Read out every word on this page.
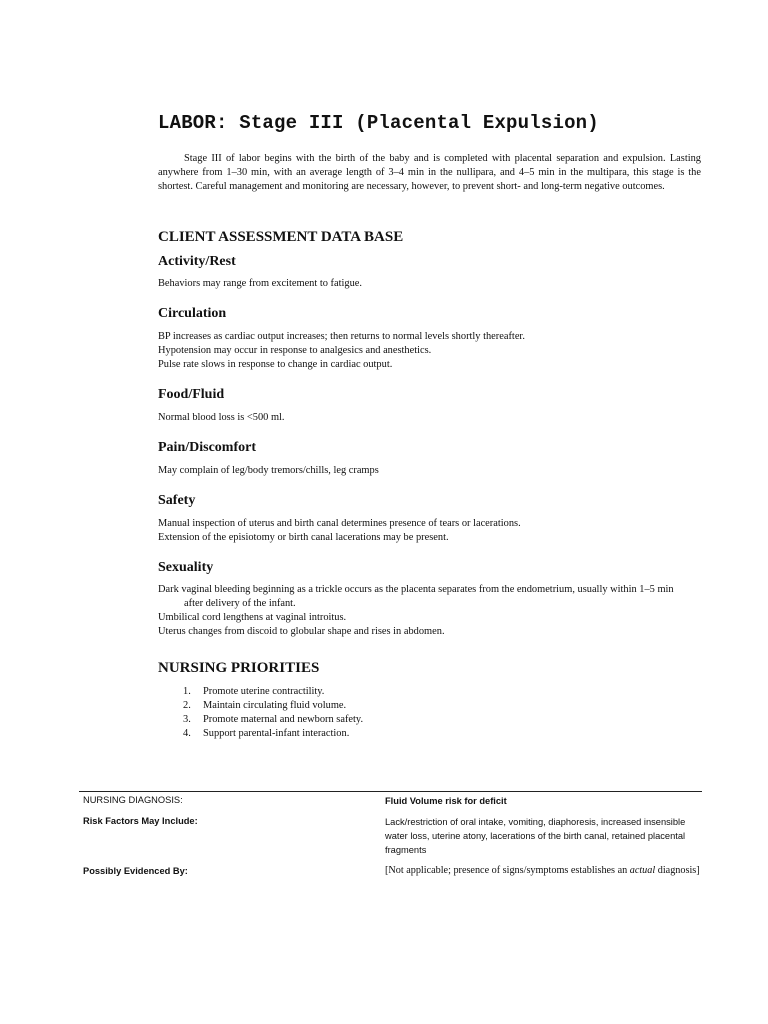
LABOR: Stage III (Placental Expulsion)

Stage III of labor begins with the birth of the baby and is completed with placental separation and expulsion. Lasting anywhere from 1–30 min, with an average length of 3–4 min in the nullipara, and 4–5 min in the multipara, this stage is the shortest. Careful management and monitoring are necessary, however, to prevent short- and long-term negative outcomes.

CLIENT ASSESSMENT DATA BASE
Activity/Rest
Behaviors may range from excitement to fatigue.
Circulation
BP increases as cardiac output increases; then returns to normal levels shortly thereafter.
Hypotension may occur in response to analgesics and anesthetics.
Pulse rate slows in response to change in cardiac output.
Food/Fluid
Normal blood loss is <500 ml.
Pain/Discomfort
May complain of leg/body tremors/chills, leg cramps
Safety
Manual inspection of uterus and birth canal determines presence of tears or lacerations.
Extension of the episiotomy or birth canal lacerations may be present.
Sexuality
Dark vaginal bleeding beginning as a trickle occurs as the placenta separates from the endometrium, usually within 1–5 min after delivery of the infant.
Umbilical cord lengthens at vaginal introitus.
Uterus changes from discoid to globular shape and rises in abdomen.
NURSING PRIORITIES
1. Promote uterine contractility.
2. Maintain circulating fluid volume.
3. Promote maternal and newborn safety.
4. Support parental-infant interaction.
NURSING DIAGNOSIS:	Fluid Volume risk for deficit
Risk Factors May Include:	Lack/restriction of oral intake, vomiting, diaphoresis, increased insensible water loss, uterine atony, lacerations of the birth canal, retained placental fragments
Possibly Evidenced By:	[Not applicable; presence of signs/symptoms establishes an actual diagnosis]
